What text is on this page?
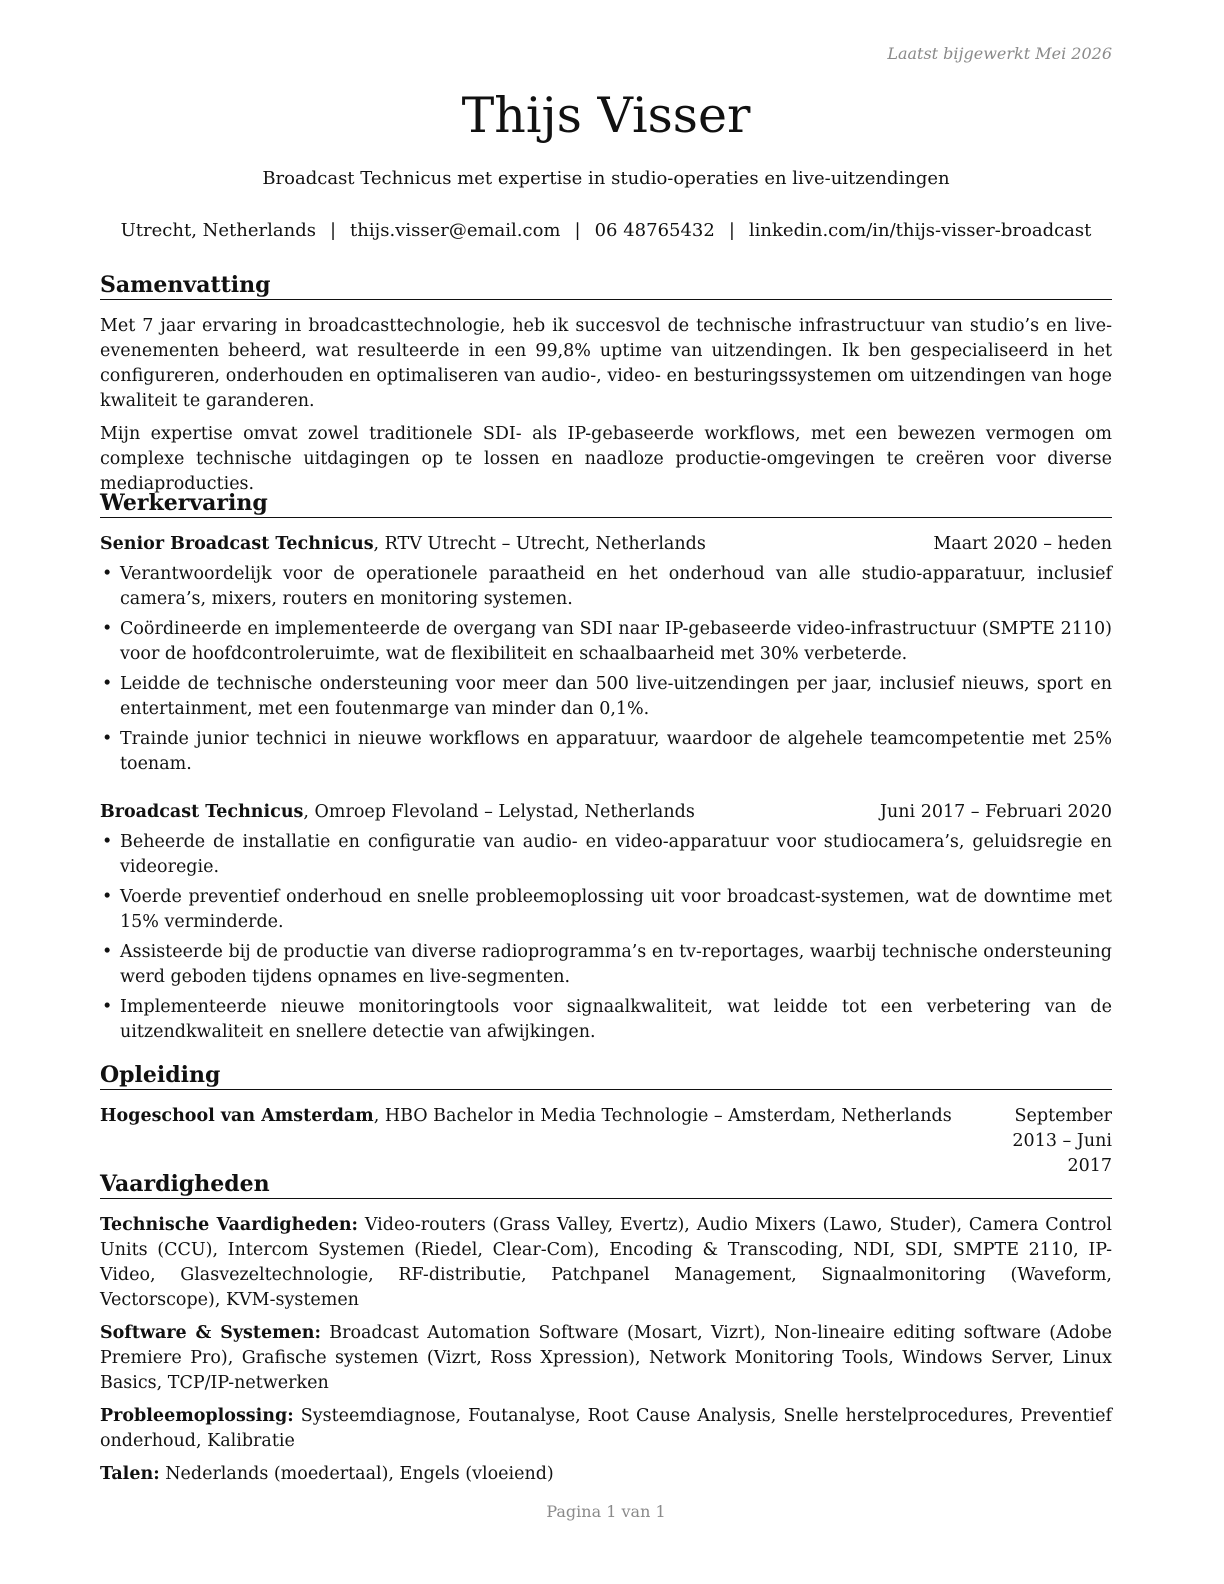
Laatst bijgewerkt Mei 2026
Thijs Visser
Broadcast Technicus met expertise in studio-operaties en live-uitzendingen
Utrecht, Netherlands | thijs.visser@email.com | 06 48765432 | linkedin.com/in/thijs-visser-broadcast
Samenvatting

Met 7 jaar ervaring in broadcasttechnologie, heb ik succesvol de technische infrastructuur van studio’s en live-evenementen beheerd, wat resulteerde in een 99,8% uptime van uitzendingen. Ik ben gespecialiseerd in het configureren, onderhouden en optimaliseren van audio-, video- en besturingssystemen om uitzendingen van hoge kwaliteit te garanderen.

Mijn expertise omvat zowel traditionele SDI- als IP-gebaseerde workflows, met een bewezen vermogen om complexe technische uitdagingen op te lossen en naadloze productie-omgevingen te creëren voor diverse mediaproducties.

Werkervaring
Senior Broadcast Technicus, RTV Utrecht – Utrecht, Netherlands	Maart 2020 – heden
• Verantwoordelijk voor de operationele paraatheid en het onderhoud van alle studio-apparatuur, inclusief camera’s, mixers, routers en monitoring systemen.
• Coördineerde en implementeerde de overgang van SDI naar IP-gebaseerde video-infrastructuur (SMPTE 2110) voor de hoofdcontroleruimte, wat de flexibiliteit en schaalbaarheid met 30% verbeterde.
• Leidde de technische ondersteuning voor meer dan 500 live-uitzendingen per jaar, inclusief nieuws, sport en entertainment, met een foutenmarge van minder dan 0,1%.
• Trainde junior technici in nieuwe workflows en apparatuur, waardoor de algehele teamcompetentie met 25% toenam.
Broadcast Technicus, Omroep Flevoland – Lelystad, Netherlands	Juni 2017 – Februari 2020
• Beheerde de installatie en configuratie van audio- en video-apparatuur voor studiocamera’s, geluidsregie en videoregie.
• Voerde preventief onderhoud en snelle probleemoplossing uit voor broadcast-systemen, wat de downtime met 15% verminderde.
• Assisteerde bij de productie van diverse radioprogramma’s en tv-reportages, waarbij technische ondersteuning werd geboden tijdens opnames en live-segmenten.
• Implementeerde nieuwe monitoringtools voor signaalkwaliteit, wat leidde tot een verbetering van de uitzendkwaliteit en snellere detectie van afwijkingen.
Opleiding
Hogeschool van Amsterdam, HBO Bachelor in Media Technologie – Amsterdam, Netherlands	September 2013 – Juni 2017
Vaardigheden

Technische Vaardigheden: Video-routers (Grass Valley, Evertz), Audio Mixers (Lawo, Studer), Camera Control Units (CCU), Intercom Systemen (Riedel, Clear-Com), Encoding & Transcoding, NDI, SDI, SMPTE 2110, IP-Video, Glasvezeltechnologie, RF-distributie, Patchpanel Management, Signaalmonitoring (Waveform, Vectorscope), KVM-systemen

Software & Systemen: Broadcast Automation Software (Mosart, Vizrt), Non-lineaire editing software (Adobe Premiere Pro), Grafische systemen (Vizrt, Ross Xpression), Network Monitoring Tools, Windows Server, Linux Basics, TCP/IP-netwerken

Probleemoplossing: Systeemdiagnose, Foutanalyse, Root Cause Analysis, Snelle herstelprocedures, Preventief onderhoud, Kalibratie

Talen: Nederlands (moedertaal), Engels (vloeiend)

Pagina 1 van 1
